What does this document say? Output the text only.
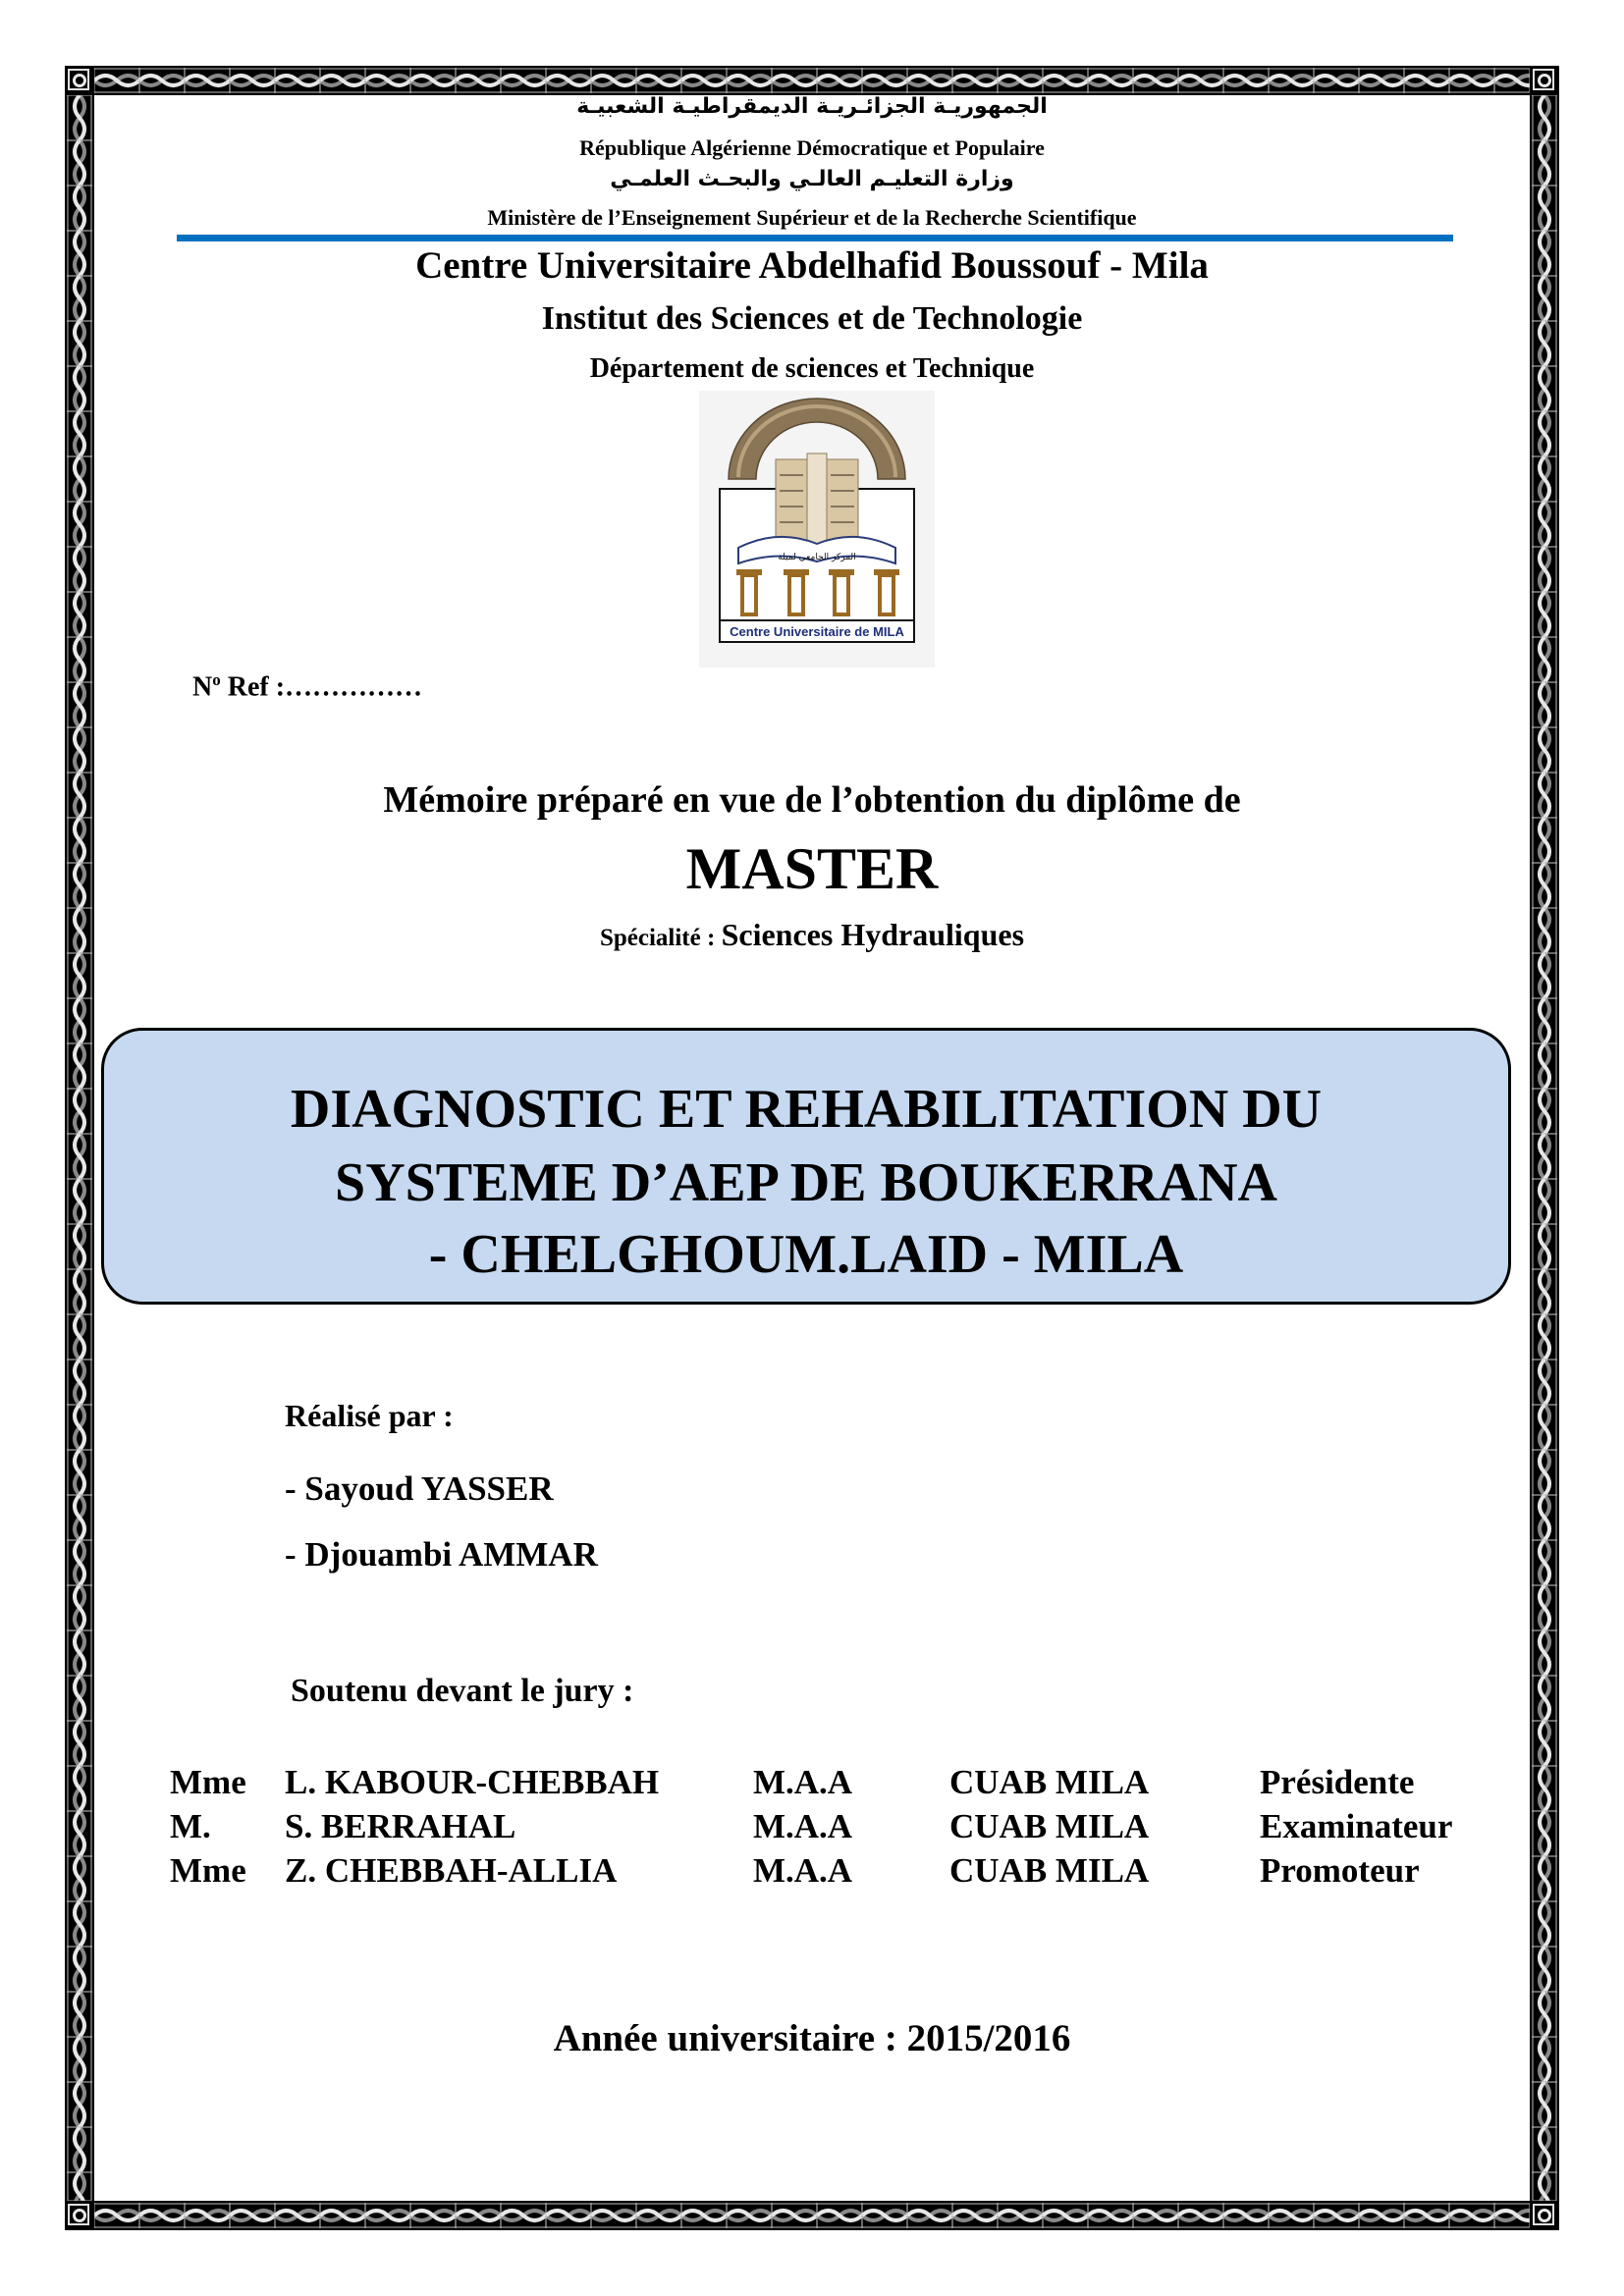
الجمهوريـة الجزائـريـة الديمقراطيـة الشعبيـة
République Algérienne Démocratique et Populaire
وزارة التعليـم العالـي والبحـث العلمـي
Ministère de l’Enseignement Supérieur et de la Recherche Scientifique
Centre Universitaire Abdelhafid Boussouf - Mila
Institut des Sciences et de Technologie
Département de sciences et Technique
المركز الجامعي لميلة
Centre Universitaire de MILA
$N^o$ Ref :……………
Mémoire préparé en vue de l’obtention du diplôme de
MASTER
Spécialité : Sciences Hydrauliques
DIAGNOSTIC ET REHABILITATION DU
SYSTEME D’AEP DE BOUKERRANA
- CHELGHOUM.LAID - MILA
Réalisé par :
- Sayoud YASSER
- Djouambi AMMAR
Soutenu devant le jury :
Mme L. KABOUR-CHEBBAH	M.A.A	CUAB MILA	Présidente
M. S. BERRAHAL	M.A.A	CUAB MILA	Examinateur
Mme Z. CHEBBAH-ALLIA	M.A.A	CUAB MILA	Promoteur
Année universitaire : 2015/2016
